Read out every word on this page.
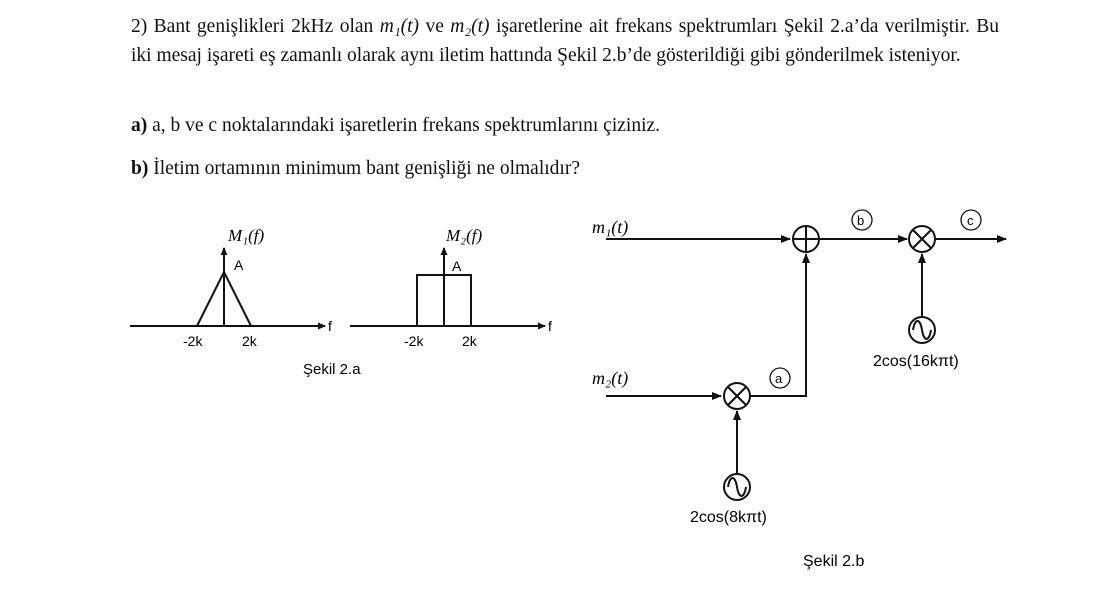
2) Bant genişlikleri 2kHz olan m₁(t) ve m₂(t) işaretlerine ait frekans spektrumları Şekil 2.a’da verilmiştir. Bu iki mesaj işareti eş zamanlı olarak aynı iletim hattında Şekil 2.b’de gösterildiği gibi gönderilmek isteniyor.

a) a, b ve c noktalarındaki işaretlerin frekans spektrumlarını çiziniz.
b) İletim ortamının minimum bant genişliği ne olmalıdır?
M₁(f)
A
f
-2k	2k
M₂(f)
A
f
-2k	2k
Şekil 2.a
m₁(t)
m₂(t)	a
b	c
2cos(8kπt)
2cos(16kπt)
Şekil 2.b
